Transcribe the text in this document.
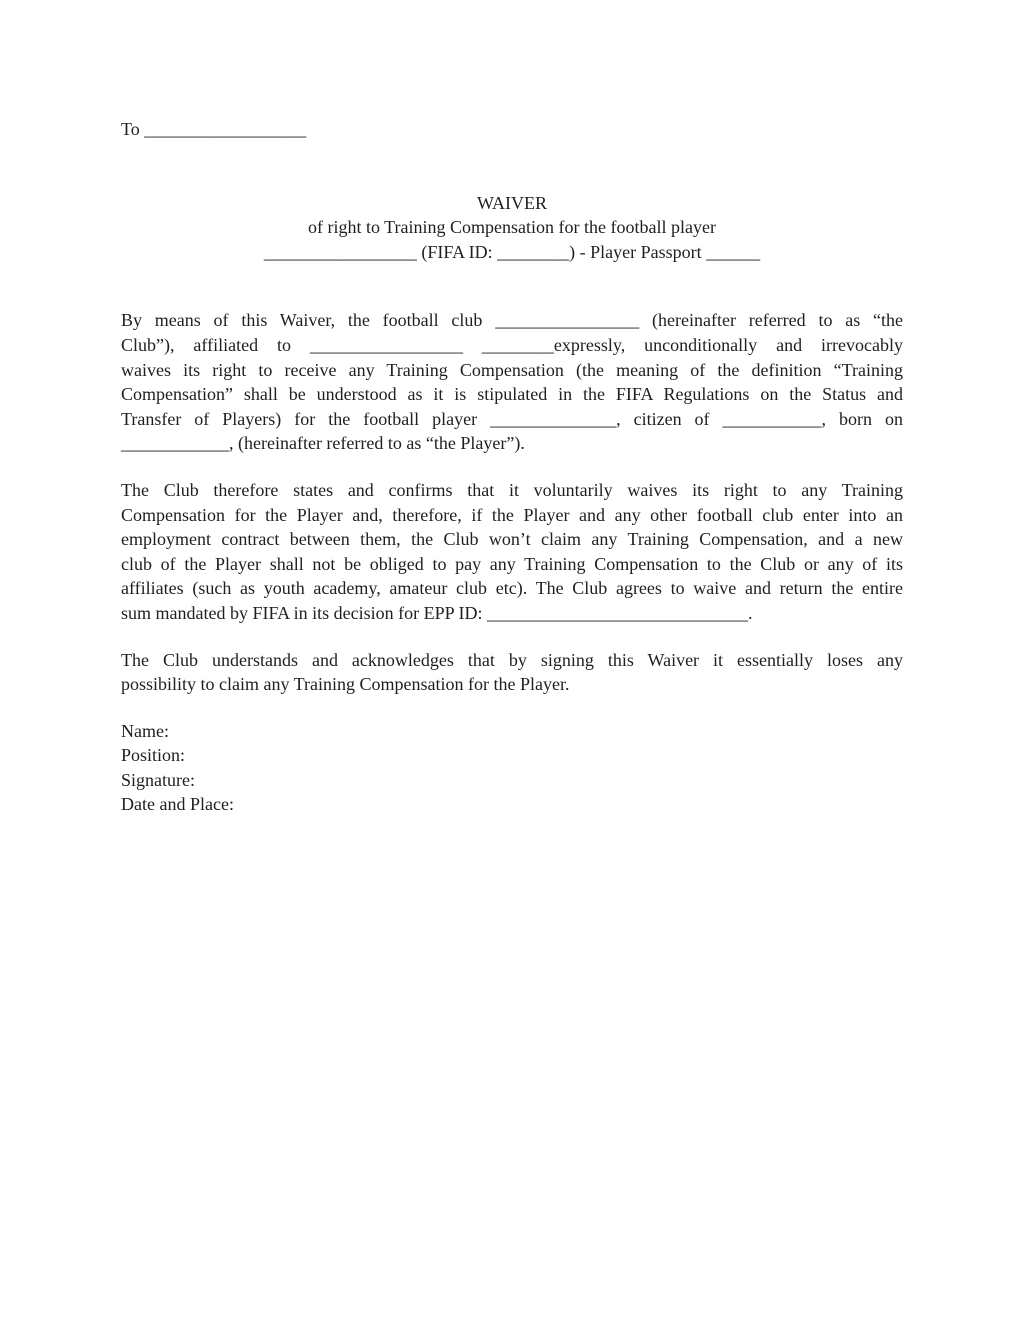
To __________________
WAIVER
of right to Training Compensation for the football player
_________________ (FIFA ID: ________) - Player Passport ______
By means of this Waiver, the football club ________________ (hereinafter referred to as “the
Club”), affiliated to _________________ ________expressly, unconditionally and irrevocably
waives its right to receive any Training Compensation (the meaning of the definition “Training
Compensation” shall be understood as it is stipulated in the FIFA Regulations on the Status and
Transfer of Players) for the football player ______________, citizen of ___________, born on
____________, (hereinafter referred to as “the Player”).
The Club therefore states and confirms that it voluntarily waives its right to any Training
Compensation for the Player and, therefore, if the Player and any other football club enter into an
employment contract between them, the Club won’t claim any Training Compensation, and a new
club of the Player shall not be obliged to pay any Training Compensation to the Club or any of its
affiliates (such as youth academy, amateur club etc). The Club agrees to waive and return the entire
sum mandated by FIFA in its decision for EPP ID: _____________________________.
The Club understands and acknowledges that by signing this Waiver it essentially loses any
possibility to claim any Training Compensation for the Player.
Name:
Position:
Signature:
Date and Place:
